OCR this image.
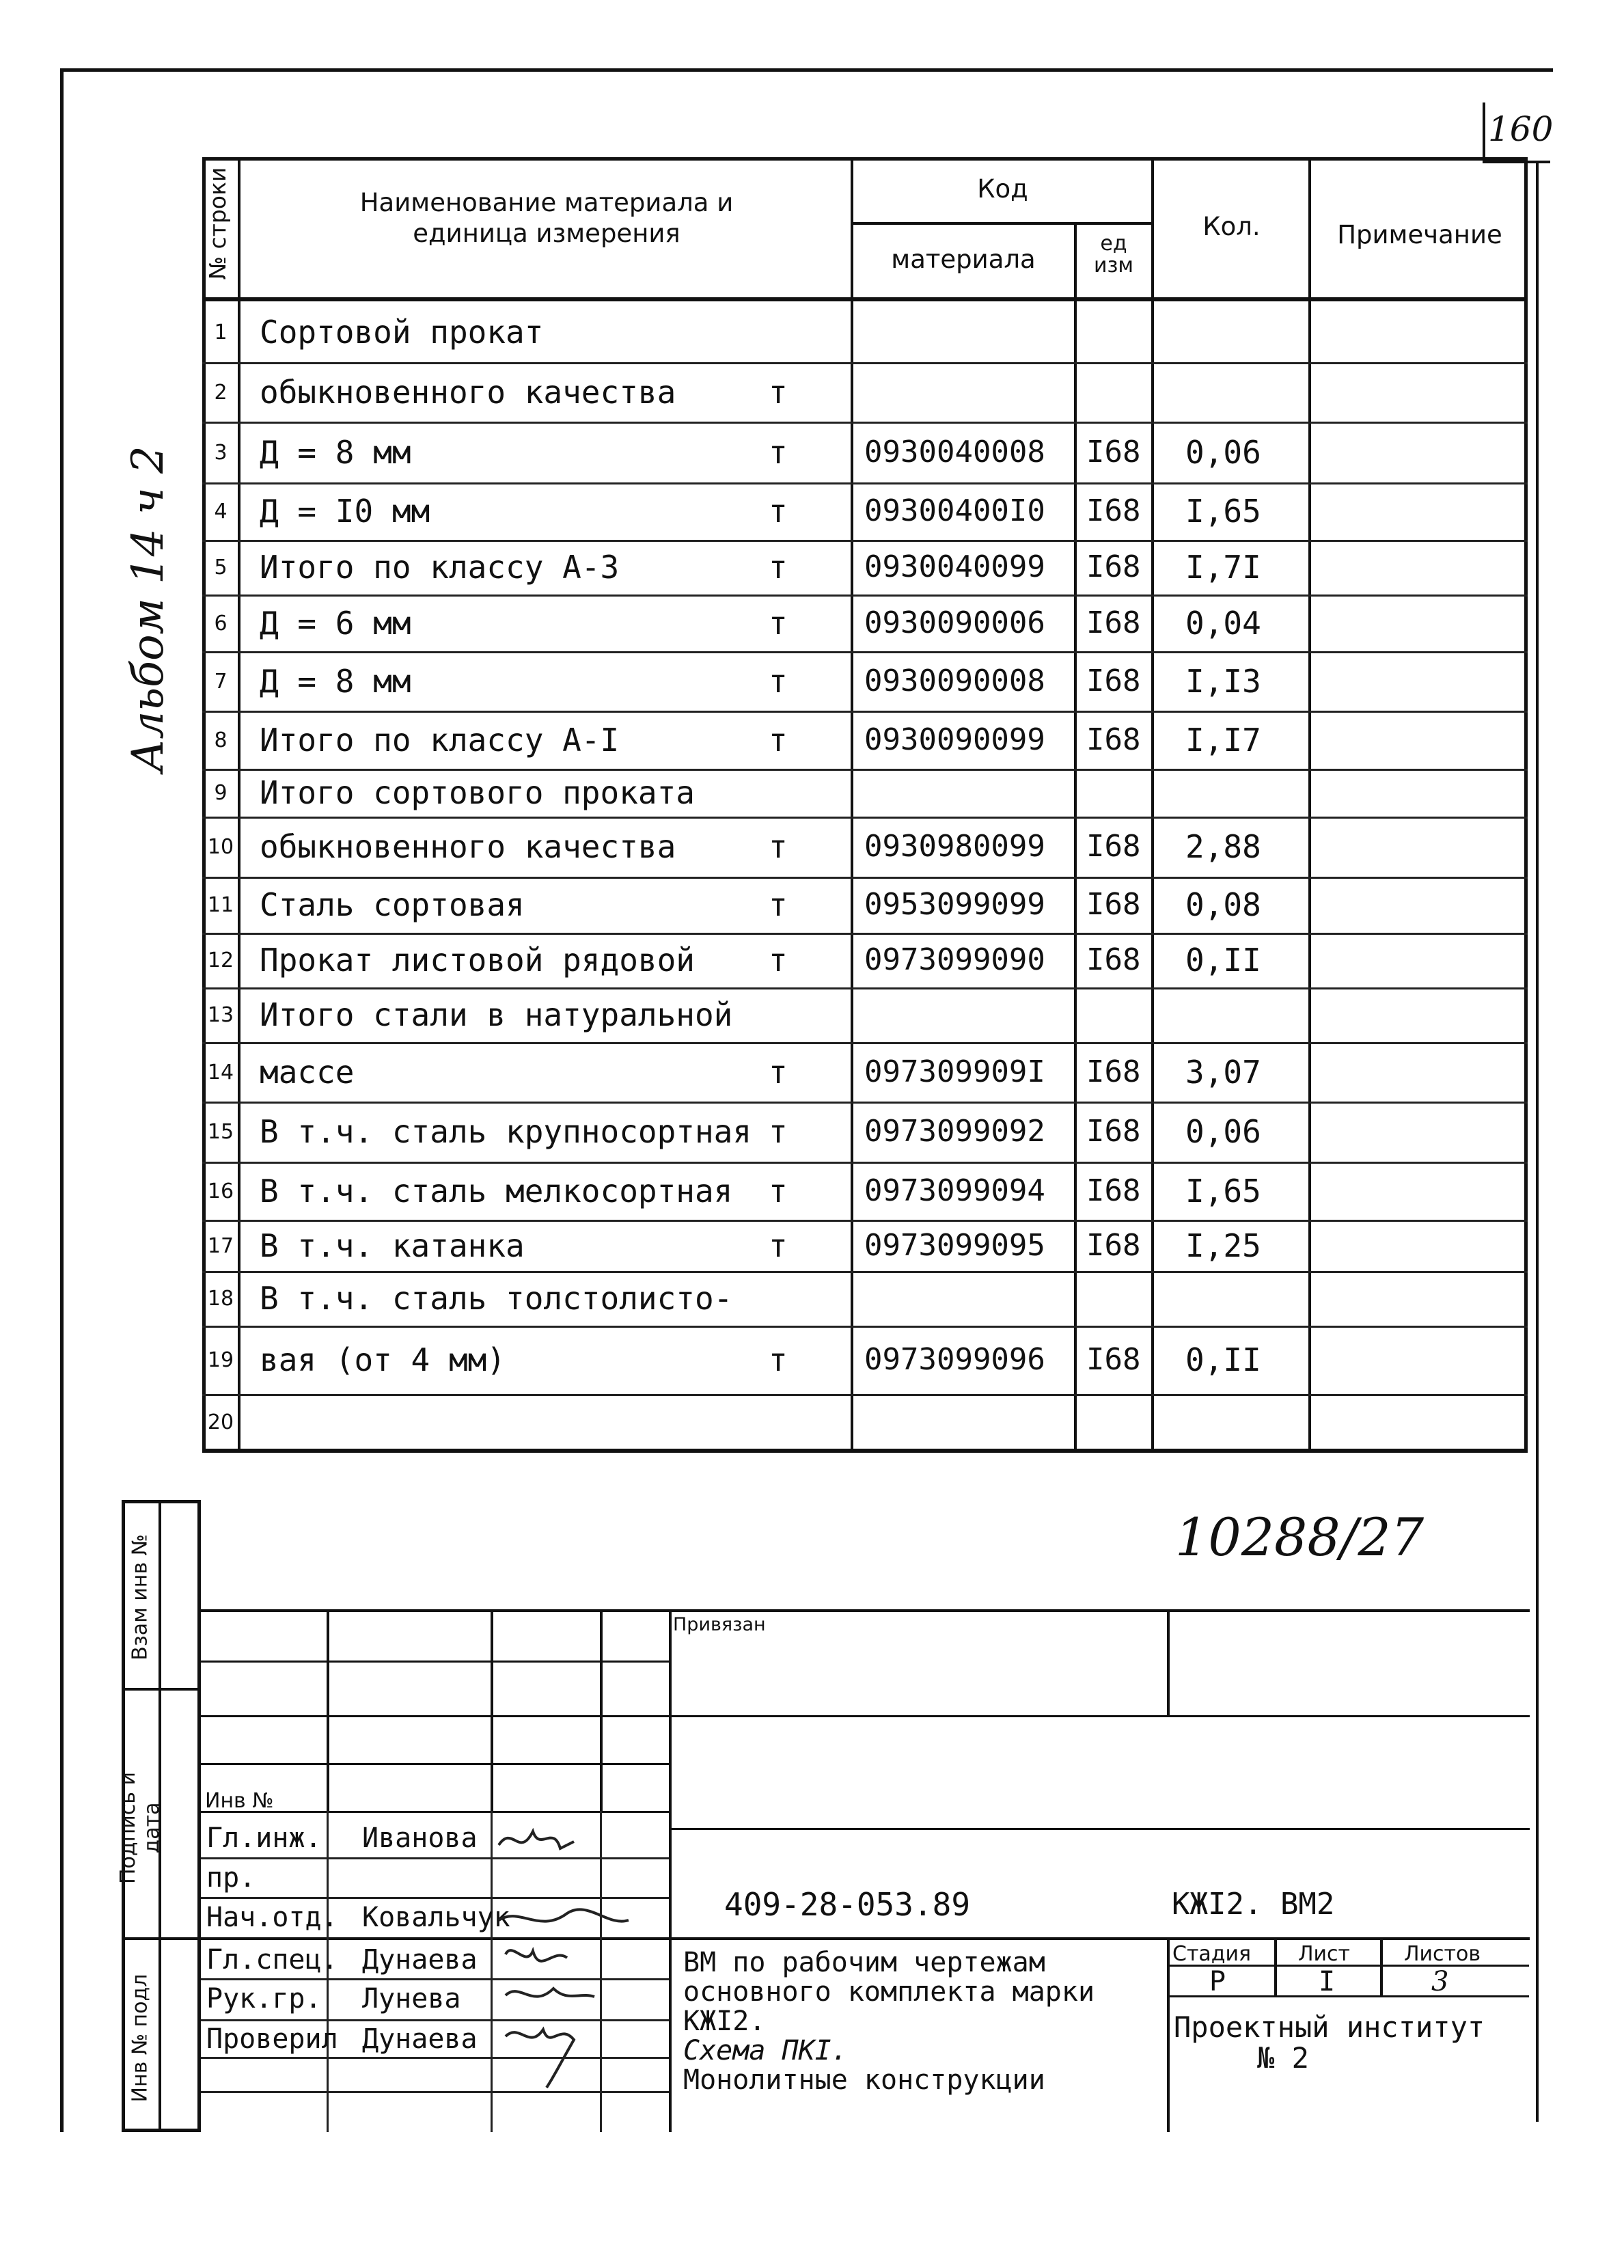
160
№ строки	Наименование материала и
единица измерения
Код
материала
ед
изм
Кол.	Примечание
1 Сортовой прокат
2 обыкновенного качества	т
3 Д = 8 мм	т	0930040008 I68 0,06
4 Д = I0 мм	т	09300400I0 I68 I,65
5 Итого по классу А-3	т	0930040099 I68 I,7I
6 Д = 6 мм	т	0930090006 I68 0,04
7 Д = 8 мм	т	0930090008 I68 I,I3
8 Итого по классу А-I	т	0930090099 I68 I,I7
9 Итого сортового проката
10 обыкновенного качества	т	0930980099 I68 2,88
11 Сталь сортовая	т	0953099099 I68 0,08
12 Прокат листовой рядовой т	0973099090 I68 0,II
13 Итого стали в натуральной
14 массе	т	097309909I I68 3,07
15 В т.ч. сталь крупносортная т	0973099092 I68 0,06
16 В т.ч. сталь мелкосортная т	0973099094 I68 I,65
17 В т.ч. катанка	т	0973099095 I68 I,25
18 В т.ч. сталь толстолисто-
19 вая (от 4 мм)	т	0973099096 I68 0,II
20
Альбом 14 ч 2
10288/27
Взам инв №
Подпись и дата
Инв № подл
Привязан
Инв №
Гл.инж. Иванова
пр.
Нач.отд. Ковальчук
Гл.спец. Дунаева
Рук.гр. Лунева
Проверил Дунаева
409-28-053.89	КЖI2. ВМ2
ВМ по рабочим чертежам
основного комплекта марки
КЖI2.
Схема ПКI.
Монолитные конструкции
Стадия Лист	Листов
Р	I	3
Проектный институт
№ 2
